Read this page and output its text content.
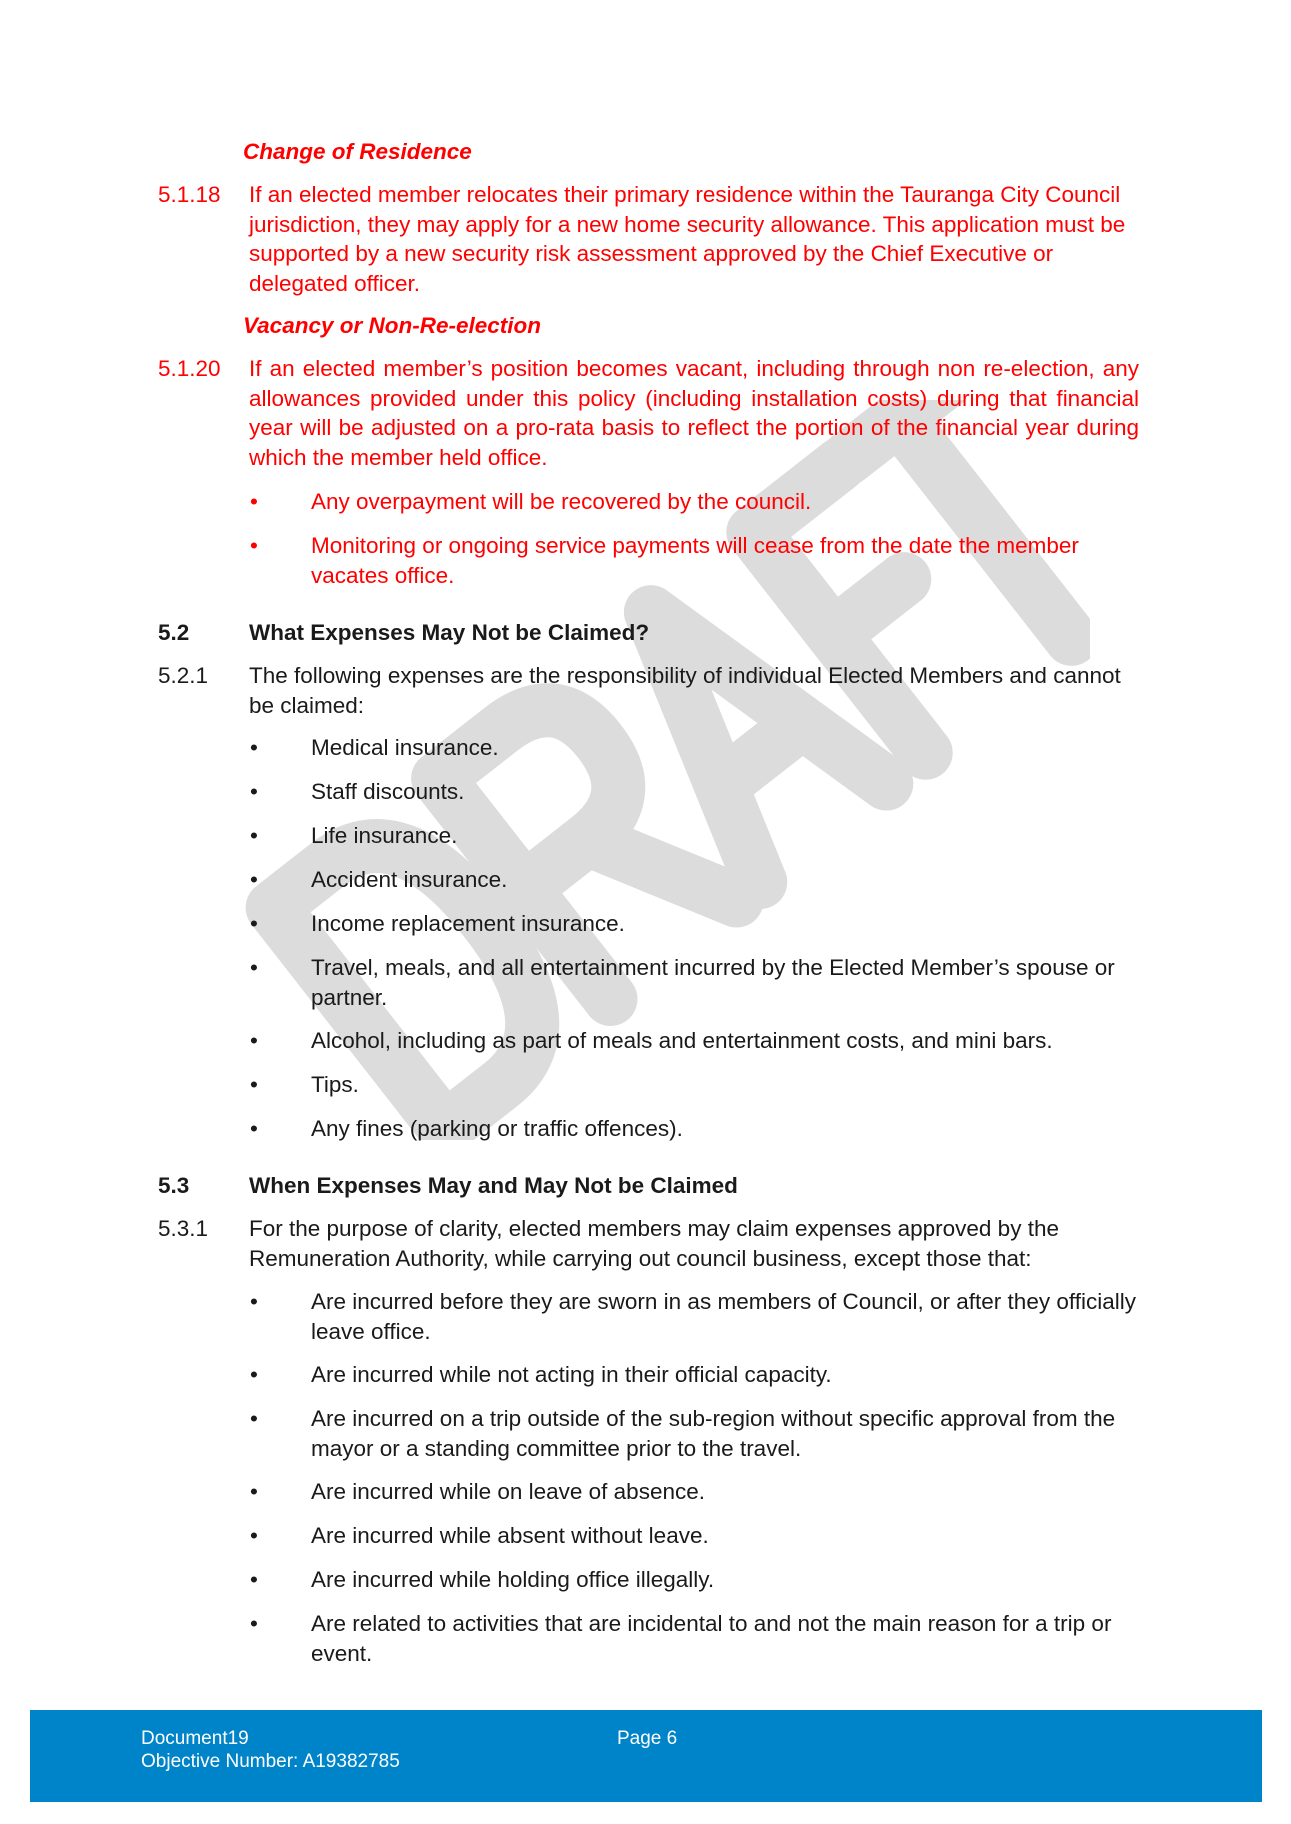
Change of Residence
5.1.18 If an elected member relocates their primary residence within the Tauranga City Council jurisdiction, they may apply for a new home security allowance. This application must be supported by a new security risk assessment approved by the Chief Executive or delegated officer.
Vacancy or Non-Re-election
5.1.20 If an elected member’s position becomes vacant, including through non re-election, any allowances provided under this policy (including installation costs) during that financial year will be adjusted on a pro-rata basis to reflect the portion of the financial year during which the member held office.
• Any overpayment will be recovered by the council.
• Monitoring or ongoing service payments will cease from the date the member vacates office.
5.2	What Expenses May Not be Claimed?
5.2.1 The following expenses are the responsibility of individual Elected Members and cannot be claimed:
• Medical insurance.
• Staff discounts.
• Life insurance.
• Accident insurance.
• Income replacement insurance.
• Travel, meals, and all entertainment incurred by the Elected Member’s spouse or partner.
• Alcohol, including as part of meals and entertainment costs, and mini bars.
• Tips.
• Any fines (parking or traffic offences).
5.3	When Expenses May and May Not be Claimed
5.3.1 For the purpose of clarity, elected members may claim expenses approved by the Remuneration Authority, while carrying out council business, except those that:
• Are incurred before they are sworn in as members of Council, or after they officially leave office.
• Are incurred while not acting in their official capacity.
• Are incurred on a trip outside of the sub-region without specific approval from the mayor or a standing committee prior to the travel.
• Are incurred while on leave of absence.
• Are incurred while absent without leave.
• Are incurred while holding office illegally.
• Are related to activities that are incidental to and not the main reason for a trip or event.
Document19
Objective Number: A19382785
Page 6
